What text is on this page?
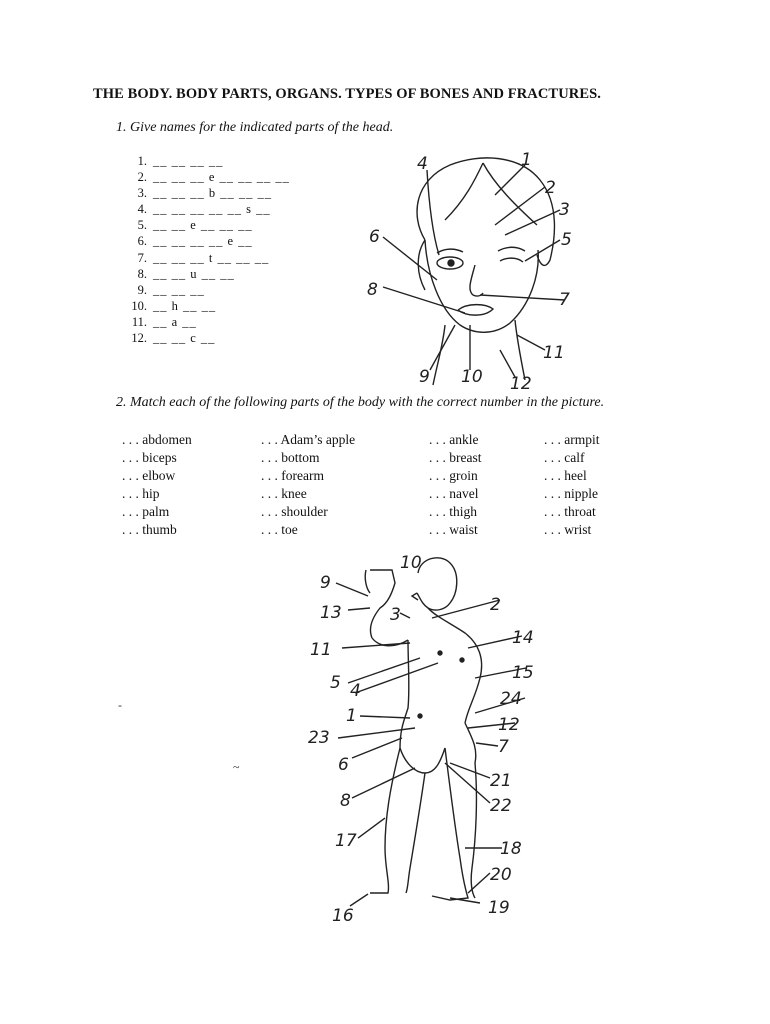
THE BODY. BODY PARTS, ORGANS. TYPES OF BONES AND FRACTURES.
1. Give names for the indicated parts of the head.
1. __ __ __ __
2. __ __ __ e __ __ __ __
3. __ __ __ b __ __ __
4. __ __ __ __ __ s __
5. __ __ e __ __ __
6. __ __ __ __ e __
7. __ __ __ t __ __ __
8. __ __ u __ __
9. __ __ __
10. __ h __ __
11. __ a __
12. __ __ c __
4	1
2
3
5
6
7
8
9 10
11
12
2. Match each of the following parts of the body with the correct number in the picture.
. . . abdomen	. . . Adam’s apple	. . . ankle	. . . armpit
. . . biceps	. . . bottom	. . . breast	. . . calf
. . . elbow	. . . forearm	. . . groin	. . . heel
. . . hip	. . . knee	. . . navel	. . . nipple
. . . palm	. . . shoulder	. . . thigh	. . . throat
. . . thumb	. . . toe	. . . waist	. . . wrist
10
9
13	3	2
11
14
5 4
15
24
1	12
23	7
6
21
8	22
17	18
20
19
16
-
~
